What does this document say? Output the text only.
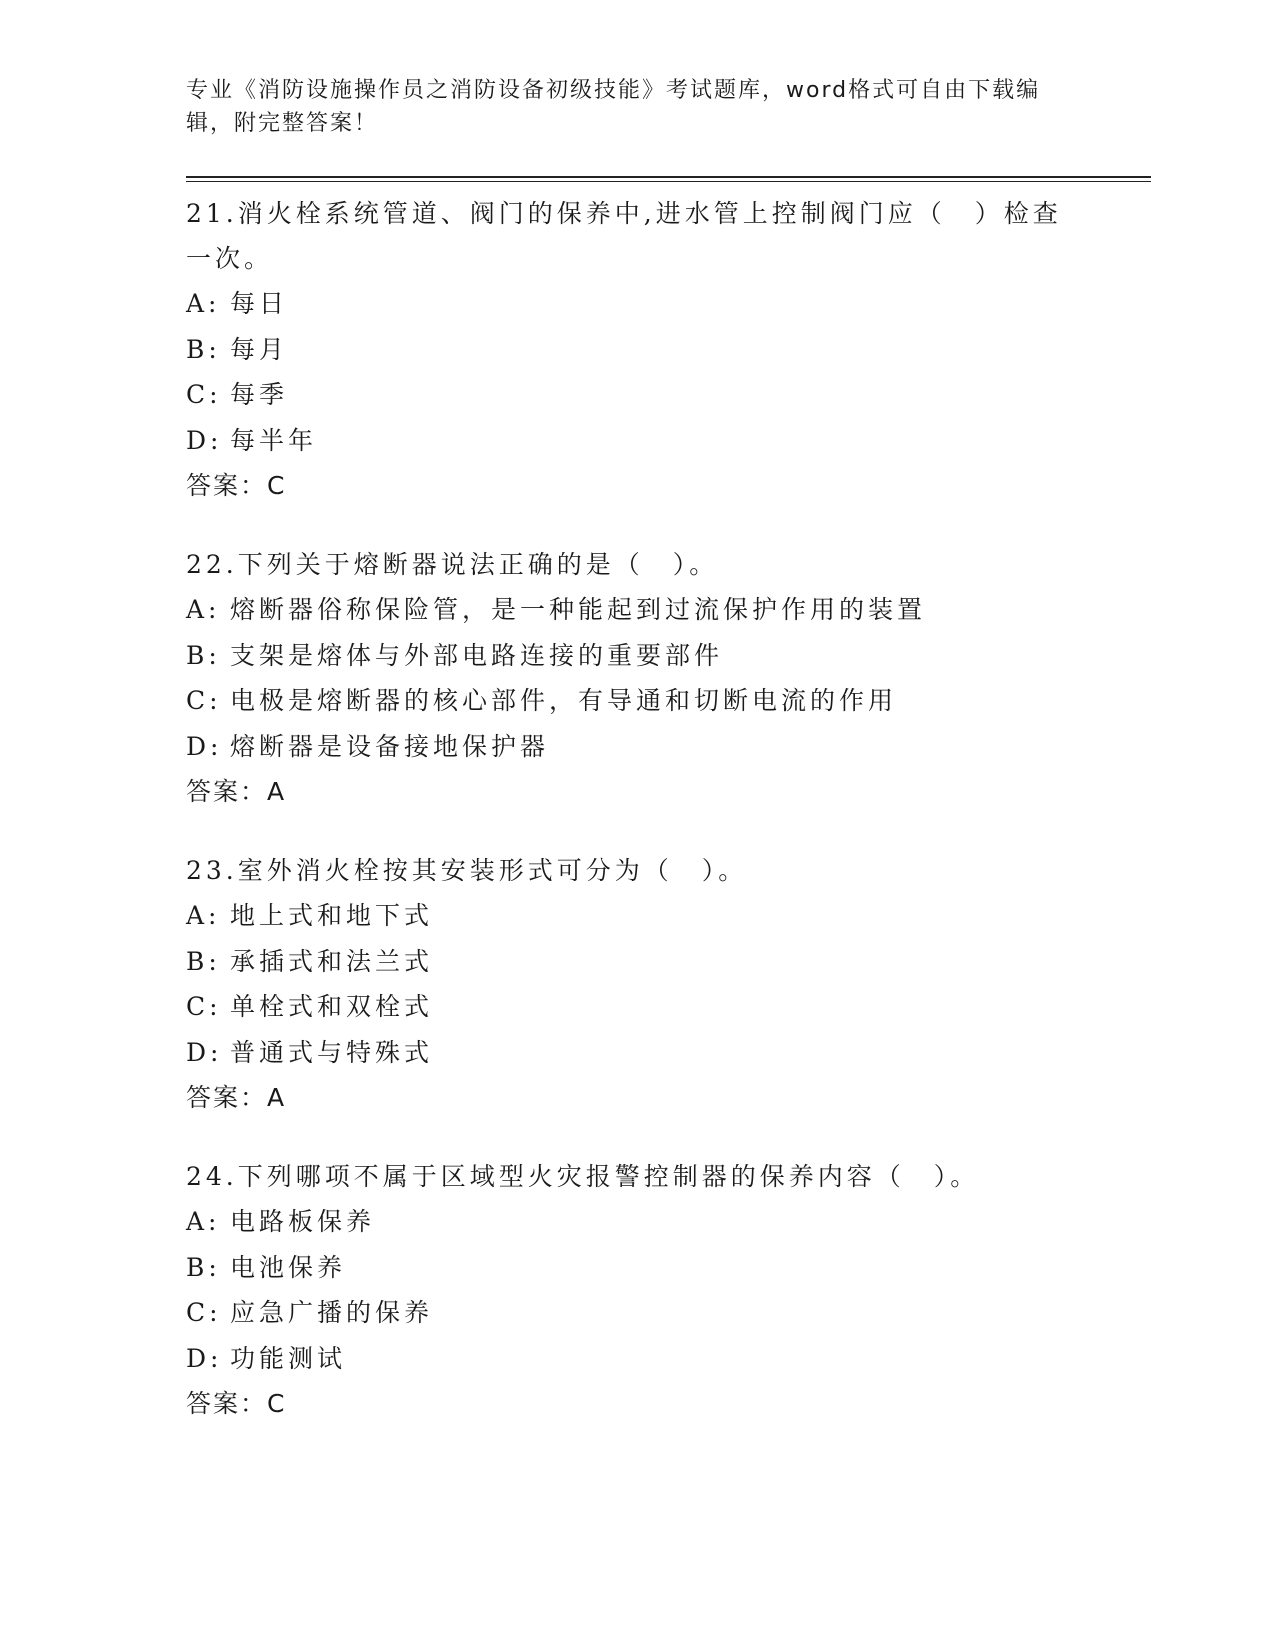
专业《消防设施操作员之消防设备初级技能》考试题库，word格式可自由下载编辑，附完整答案！
21.消火栓系统管道、阀门的保养中,进水管上控制阀门应（　）检查一次。
A: 每日
B: 每月
C: 每季
D: 每半年
答案：C
22.下列关于熔断器说法正确的是（　）。
A: 熔断器俗称保险管，是一种能起到过流保护作用的装置
B: 支架是熔体与外部电路连接的重要部件
C: 电极是熔断器的核心部件，有导通和切断电流的作用
D: 熔断器是设备接地保护器
答案：A
23.室外消火栓按其安装形式可分为（　）。
A: 地上式和地下式
B: 承插式和法兰式
C: 单栓式和双栓式
D: 普通式与特殊式
答案：A
24.下列哪项不属于区域型火灾报警控制器的保养内容（　）。
A: 电路板保养
B: 电池保养
C: 应急广播的保养
D: 功能测试
答案：C
